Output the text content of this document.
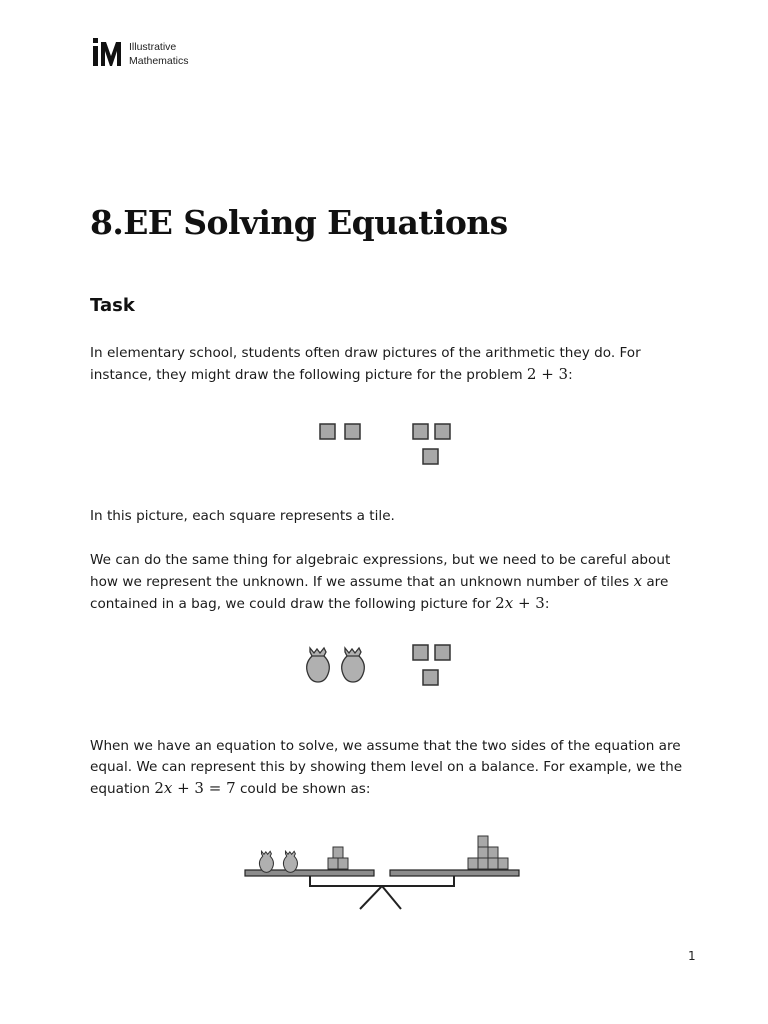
Illustrative
Mathematics
8.EE Solving Equations
Task

In elementary school, students often draw pictures of the arithmetic they do. For instance, they might draw the following picture for the problem 2 + 3:

In this picture, each square represents a tile.

We can do the same thing for algebraic expressions, but we need to be careful about how we represent the unknown. If we assume that an unknown number of tiles x are contained in a bag, we could draw the following picture for 2x + 3:

When we have an equation to solve, we assume that the two sides of the equation are equal. We can represent this by showing them level on a balance. For example, we the equation 2x + 3 = 7 could be shown as:

1
